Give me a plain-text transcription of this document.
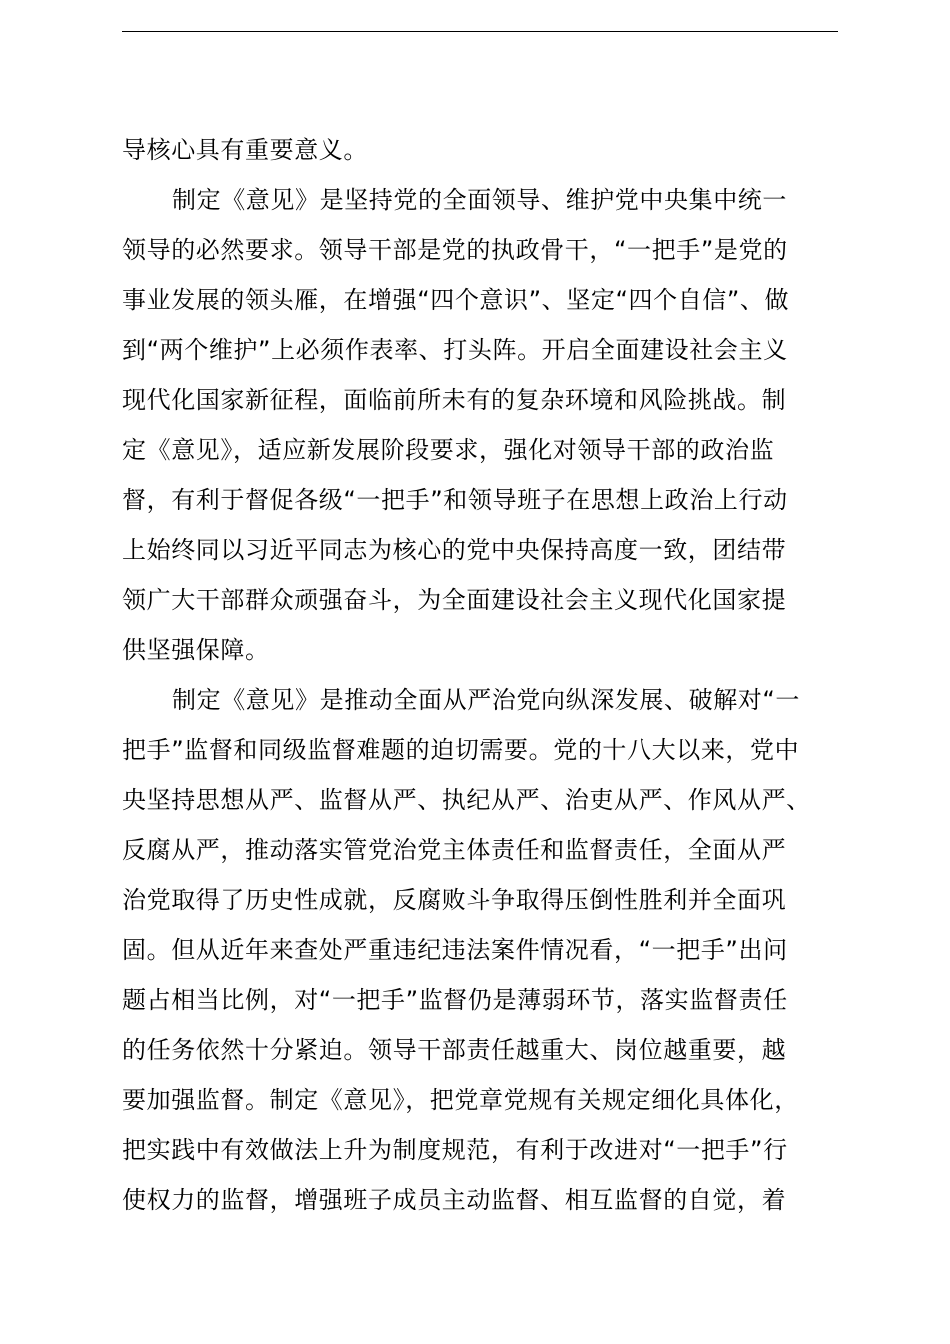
导核心具有重要意义。
制定《意见》是坚持党的全面领导、维护党中央集中统一
领导的必然要求。领导干部是党的执政骨干，“一把手”是党的
事业发展的领头雁，在增强“四个意识”、坚定“四个自信”、做
到“两个维护”上必须作表率、打头阵。开启全面建设社会主义
现代化国家新征程，面临前所未有的复杂环境和风险挑战。制
定《意见》，适应新发展阶段要求，强化对领导干部的政治监
督，有利于督促各级“一把手”和领导班子在思想上政治上行动
上始终同以习近平同志为核心的党中央保持高度一致，团结带
领广大干部群众顽强奋斗，为全面建设社会主义现代化国家提
供坚强保障。
制定《意见》是推动全面从严治党向纵深发展、破解对“一
把手”监督和同级监督难题的迫切需要。党的十八大以来，党中
央坚持思想从严、监督从严、执纪从严、治吏从严、作风从严、
反腐从严，推动落实管党治党主体责任和监督责任，全面从严
治党取得了历史性成就，反腐败斗争取得压倒性胜利并全面巩
固。但从近年来查处严重违纪违法案件情况看，“一把手”出问
题占相当比例，对“一把手”监督仍是薄弱环节，落实监督责任
的任务依然十分紧迫。领导干部责任越重大、岗位越重要，越
要加强监督。制定《意见》，把党章党规有关规定细化具体化，
把实践中有效做法上升为制度规范，有利于改进对“一把手”行
使权力的监督，增强班子成员主动监督、相互监督的自觉，着
